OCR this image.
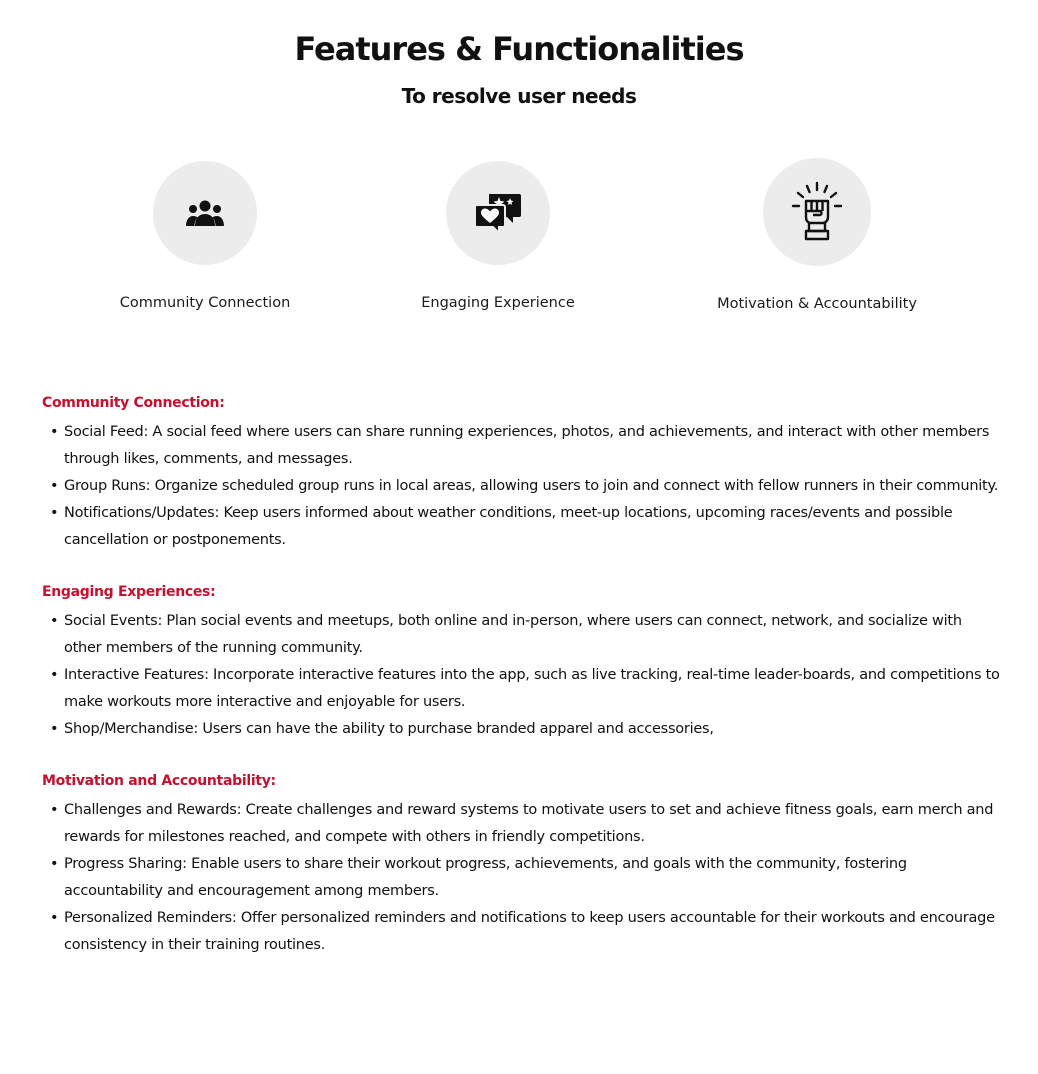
Features & Functionalities
To resolve user needs
Community Connection	Engaging Experience	Motivation & Accountability
Community Connection:
• Social Feed: A social feed where users can share running experiences, photos, and achievements, and interact with other members through likes, comments, and messages.
• Group Runs: Organize scheduled group runs in local areas, allowing users to join and connect with fellow runners in their community.
• Notifications/Updates: Keep users informed about weather conditions, meet-up locations, upcoming races/events and possible cancellation or postponements.
Engaging Experiences:
• Social Events: Plan social events and meetups, both online and in-person, where users can connect, network, and socialize with other members of the running community.
• Interactive Features: Incorporate interactive features into the app, such as live tracking, real-time leader-boards, and competitions to make workouts more interactive and enjoyable for users.
• Shop/Merchandise: Users can have the ability to purchase branded apparel and accessories,
Motivation and Accountability:
• Challenges and Rewards: Create challenges and reward systems to motivate users to set and achieve fitness goals, earn merch and rewards for milestones reached, and compete with others in friendly competitions.
• Progress Sharing: Enable users to share their workout progress, achievements, and goals with the community, fostering accountability and encouragement among members.
• Personalized Reminders: Offer personalized reminders and notifications to keep users accountable for their workouts and encourage consistency in their training routines.
